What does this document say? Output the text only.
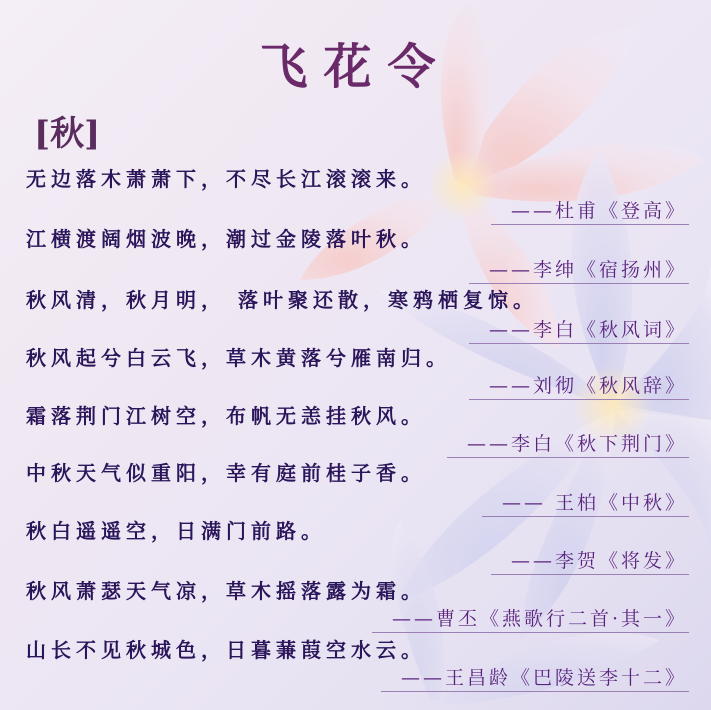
飞花令
[秋]
无边落木萧萧下，不尽长江滚滚来。
——杜甫《登高》
江横渡阔烟波晚，潮过金陵落叶秋。
——李绅《宿扬州》
秋风清，秋月明， 落叶聚还散，寒鸦栖复惊。
——李白《秋风词》
秋风起兮白云飞，草木黄落兮雁南归。
——刘彻《秋风辞》
霜落荆门江树空，布帆无恙挂秋风。
——李白《秋下荆门》
中秋天气似重阳，幸有庭前桂子香。
—— 王柏《中秋》
秋白遥遥空，日满门前路。
——李贺《将发》
秋风萧瑟天气凉，草木摇落露为霜。
——曹丕《燕歌行二首·其一》
山长不见秋城色，日暮蒹葭空水云。
——王昌龄《巴陵送李十二》
